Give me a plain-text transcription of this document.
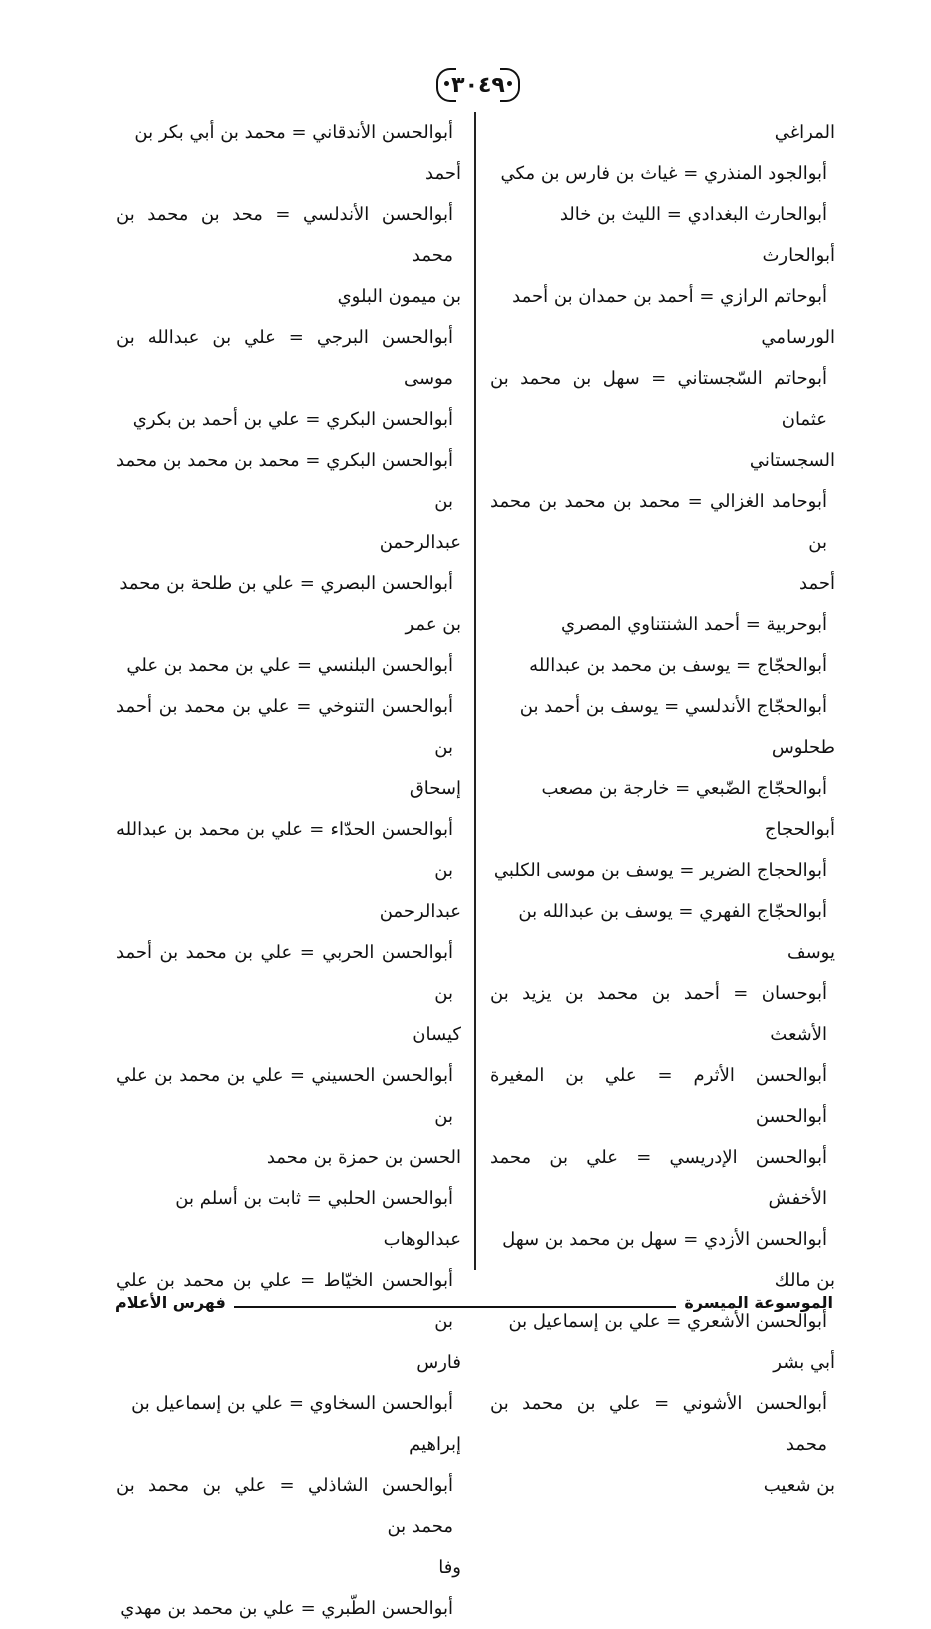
٣٠٤٩

المراغي

أبوالجود المنذري = غياث بن فارس بن مكي

أبوالحارث البغدادي = الليث بن خالد

أبوالحارث

أبوحاتم الرازي = أحمد بن حمدان بن أحمد

الورسامي

أبوحاتم السّجستاني = سهل بن محمد بن عثمان

السجستاني

أبوحامد الغزالي = محمد بن محمد بن محمد بن

أحمد

أبوحربية = أحمد الشنتناوي المصري

أبوالحجّاج = يوسف بن محمد بن عبدالله

أبوالحجّاج الأندلسي = يوسف بن أحمد بن

طحلوس

أبوالحجّاج الضّبعي = خارجة بن مصعب

أبوالحجاج

أبوالحجاج الضرير = يوسف بن موسى الكلبي

أبوالحجّاج الفهري = يوسف بن عبدالله بن

يوسف

أبوحسان = أحمد بن محمد بن يزيد بن الأشعث

أبوالحسن الأثرم = علي بن المغيرة أبوالحسن

أبوالحسن الإدريسي = علي بن محمد الأخفش

أبوالحسن الأزدي = سهل بن محمد بن سهل

بن مالك

أبوالحسن الأشعري = علي بن إسماعيل بن

أبي بشر

أبوالحسن الأشوني = علي بن محمد بن محمد

بن شعيب

أبوالحسن الأندقاني = محمد بن أبي بكر بن

أحمد

أبوالحسن الأندلسي = محد بن محمد بن محمد

بن ميمون البلوي

أبوالحسن البرجي = علي بن عبدالله بن موسى

أبوالحسن البكري = علي بن أحمد بن بكري

أبوالحسن البكري = محمد بن محمد بن محمد بن

عبدالرحمن

أبوالحسن البصري = علي بن طلحة بن محمد

بن عمر

أبوالحسن البلنسي = علي بن محمد بن علي

أبوالحسن التنوخي = علي بن محمد بن أحمد بن

إسحاق

أبوالحسن الحدّاء = علي بن محمد بن عبدالله بن

عبدالرحمن

أبوالحسن الحربي = علي بن محمد بن أحمد بن

كيسان

أبوالحسن الحسيني = علي بن محمد بن علي بن

الحسن بن حمزة بن محمد

أبوالحسن الحلبي = ثابت بن أسلم بن

عبدالوهاب

أبوالحسن الخيّاط = علي بن محمد بن علي بن

فارس

أبوالحسن السخاوي = علي بن إسماعيل بن

إبراهيم

أبوالحسن الشاذلي = علي بن محمد بن محمد بن

وفا

أبوالحسن الطّبري = علي بن محمد بن مهدي

الموسوعة الميسرة
فهرس الأعلام
